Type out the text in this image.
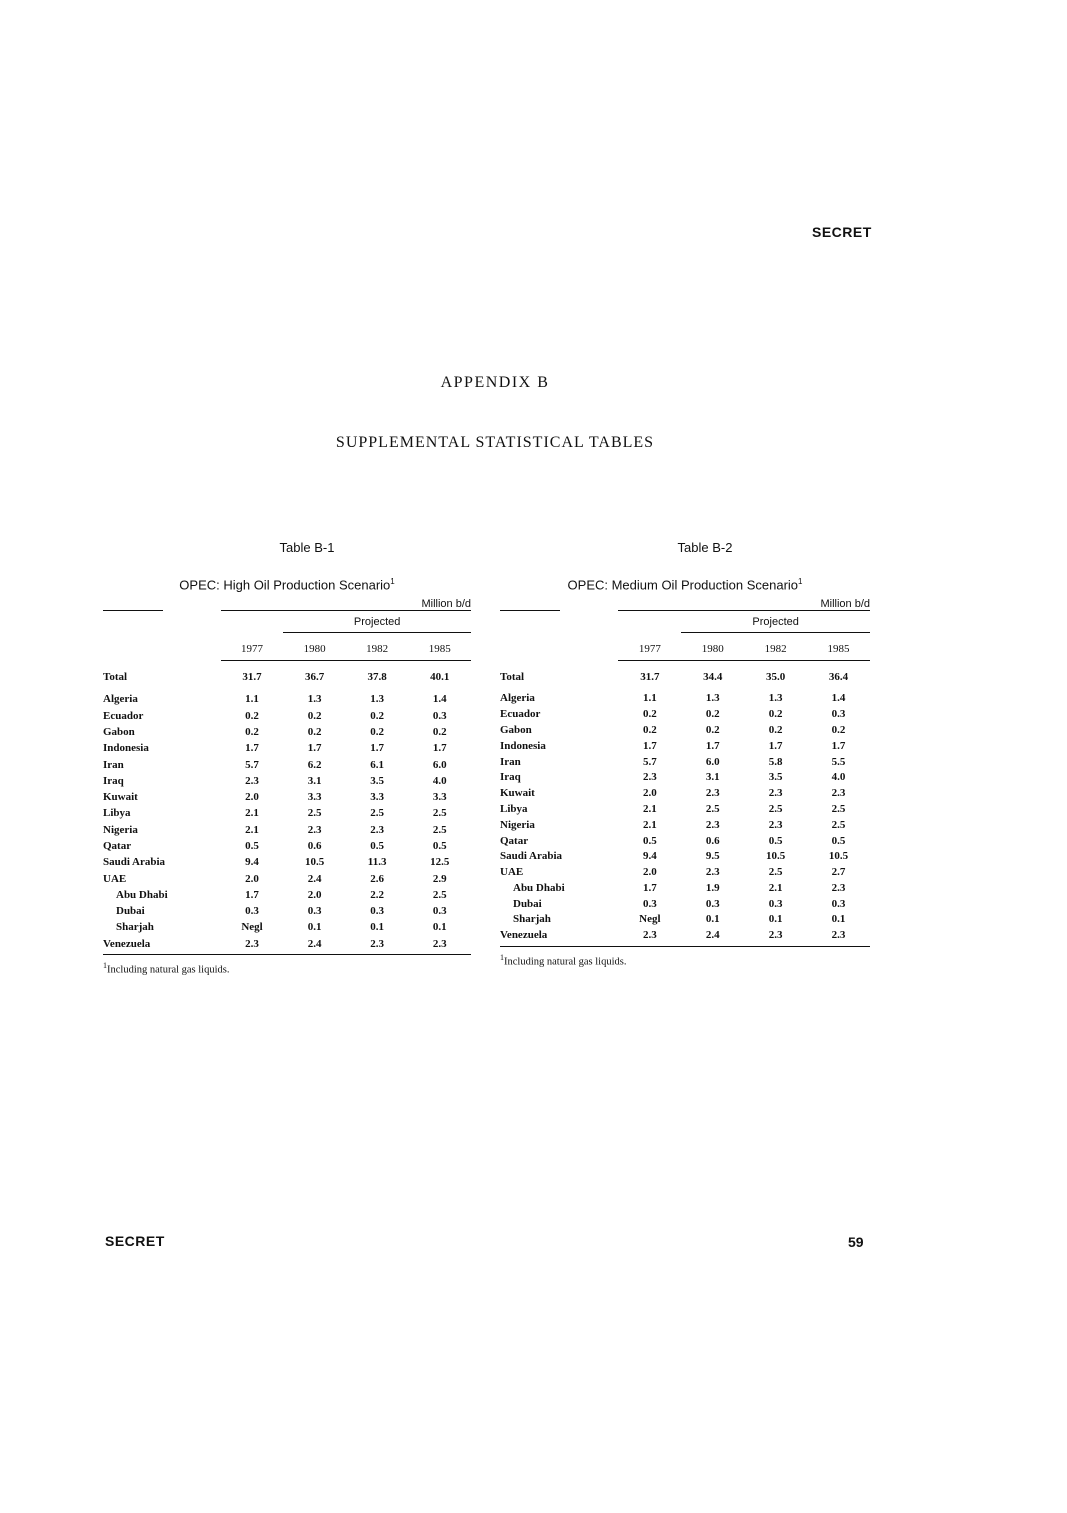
SECRET
APPENDIX B
SUPPLEMENTAL STATISTICAL TABLES
Table B-1
OPEC: High Oil Production Scenario$^1$
Million b/d

		Projected		

	1977	1980	1982	1985

Total	31.7	36.7	37.8	40.1
Algeria	1.1	1.3	1.3	1.4
Ecuador	0.2	0.2	0.2	0.3
Gabon	0.2	0.2	0.2	0.2
Indonesia	1.7	1.7	1.7	1.7
Iran	5.7	6.2	6.1	6.0
Iraq	2.3	3.1	3.5	4.0
Kuwait	2.0	3.3	3.3	3.3
Libya	2.1	2.5	2.5	2.5
Nigeria	2.1	2.3	2.3	2.5
Qatar	0.5	0.6	0.5	0.5
Saudi Arabia	9.4	10.5	11.3	12.5
UAE	2.0	2.4	2.6	2.9
Abu Dhabi	1.7	2.0	2.2	2.5
Dubai	0.3	0.3	0.3	0.3
Sharjah	Negl	0.1	0.1	0.1
Venezuela	2.3	2.4	2.3	2.3

$^1$Including natural gas liquids.
Table B-2
OPEC: Medium Oil Production Scenario$^1$
Million b/d

		Projected		

	1977	1980	1982	1985

Total	31.7	34.4	35.0	36.4
Algeria	1.1	1.3	1.3	1.4
Ecuador	0.2	0.2	0.2	0.3
Gabon	0.2	0.2	0.2	0.2
Indonesia	1.7	1.7	1.7	1.7
Iran	5.7	6.0	5.8	5.5
Iraq	2.3	3.1	3.5	4.0
Kuwait	2.0	2.3	2.3	2.3
Libya	2.1	2.5	2.5	2.5
Nigeria	2.1	2.3	2.3	2.5
Qatar	0.5	0.6	0.5	0.5
Saudi Arabia	9.4	9.5	10.5	10.5
UAE	2.0	2.3	2.5	2.7
Abu Dhabi	1.7	1.9	2.1	2.3
Dubai	0.3	0.3	0.3	0.3
Sharjah	Negl	0.1	0.1	0.1
Venezuela	2.3	2.4	2.3	2.3

$^1$Including natural gas liquids.
SECRET	59
